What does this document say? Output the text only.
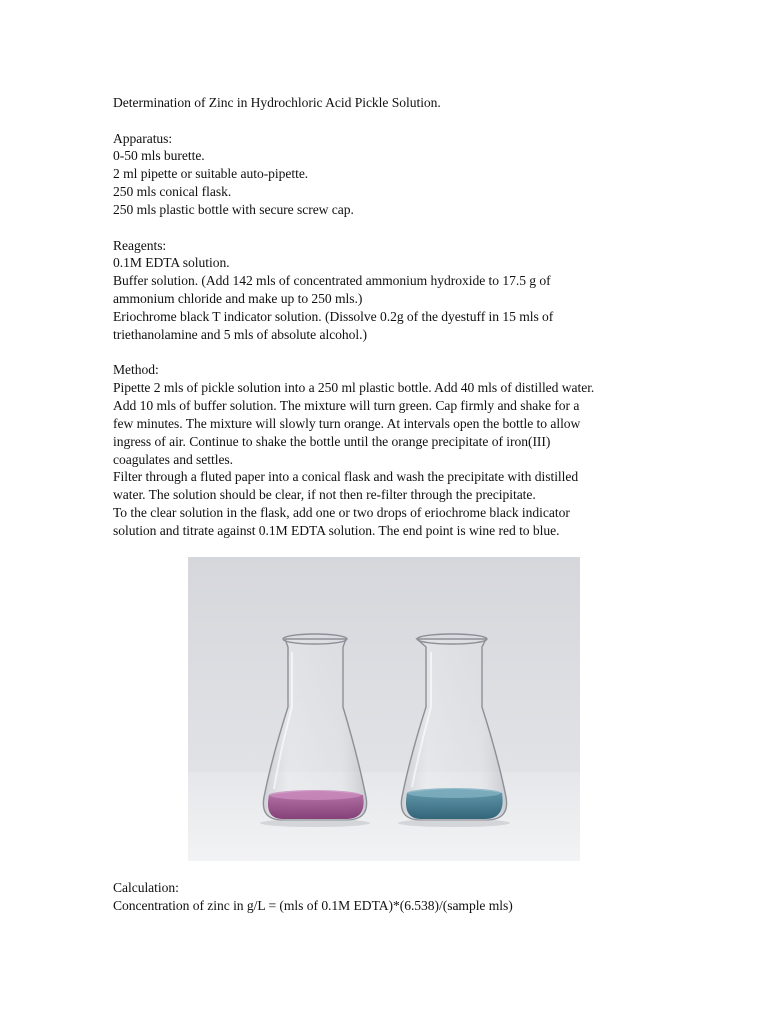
Determination of Zinc in Hydrochloric Acid Pickle Solution.
Apparatus:
0-50 mls burette.
2 ml pipette or suitable auto-pipette.
250 mls conical flask.
250 mls plastic bottle with secure screw cap.
Reagents:
0.1M EDTA solution.
Buffer solution. (Add 142 mls of concentrated ammonium hydroxide to 17.5 g of
ammonium chloride and make up to 250 mls.)
Eriochrome black T indicator solution. (Dissolve 0.2g of the dyestuff in 15 mls of
triethanolamine and 5 mls of absolute alcohol.)
Method:
Pipette 2 mls of pickle solution into a 250 ml plastic bottle. Add 40 mls of distilled water.
Add 10 mls of buffer solution. The mixture will turn green. Cap firmly and shake for a
few minutes. The mixture will slowly turn orange. At intervals open the bottle to allow
ingress of air. Continue to shake the bottle until the orange precipitate of iron(III)
coagulates and settles.
Filter through a fluted paper into a conical flask and wash the precipitate with distilled
water. The solution should be clear, if not then re-filter through the precipitate.
To the clear solution in the flask, add one or two drops of eriochrome black indicator
solution and titrate against 0.1M EDTA solution. The end point is wine red to blue.
Calculation:
Concentration of zinc in g/L = (mls of 0.1M EDTA)*(6.538)/(sample mls)
